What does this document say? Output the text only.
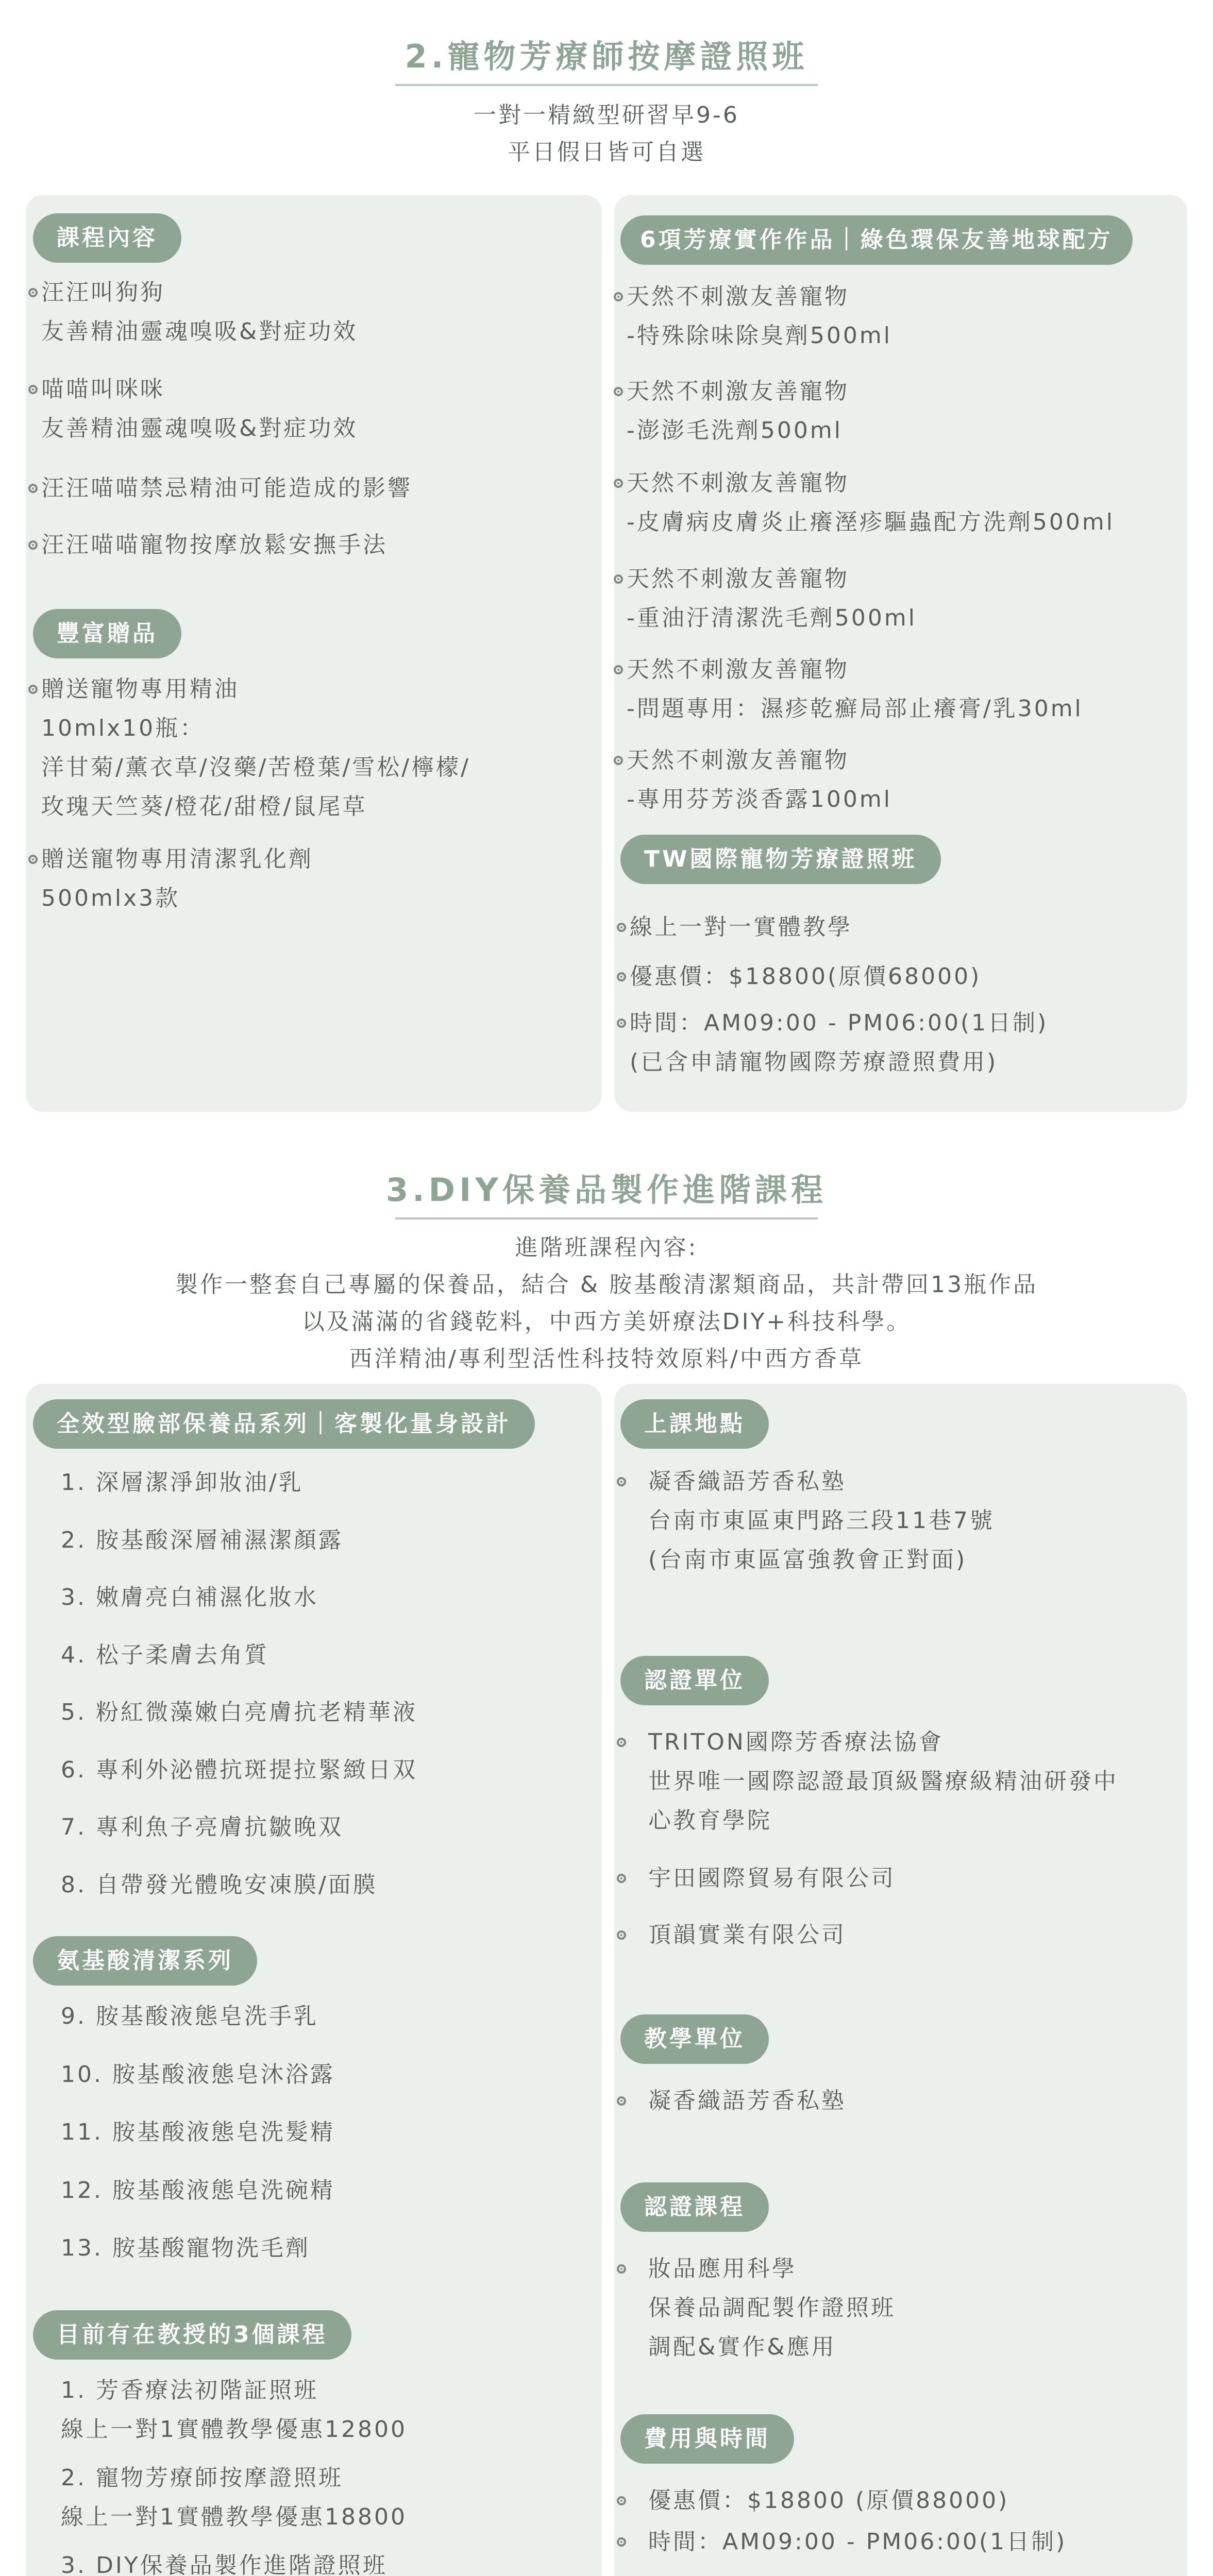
2.寵物芳療師按摩證照班
一對一精緻型研習早9-6
平日假日皆可自選
課程內容
汪汪叫狗狗
友善精油靈魂嗅吸&對症功效
喵喵叫咪咪
友善精油靈魂嗅吸&對症功效
汪汪喵喵禁忌精油可能造成的影響
汪汪喵喵寵物按摩放鬆安撫手法
豐富贈品
贈送寵物專用精油
10mlx10瓶：
洋甘菊/薰衣草/沒藥/苦橙葉/雪松/檸檬/
玫瑰天竺葵/橙花/甜橙/鼠尾草
贈送寵物專用清潔乳化劑
500mlx3款
6項芳療實作作品｜綠色環保友善地球配方
天然不刺激友善寵物
-特殊除味除臭劑500ml
天然不刺激友善寵物
-澎澎毛洗劑500ml
天然不刺激友善寵物
-皮膚病皮膚炎止癢溼疹驅蟲配方洗劑500ml
天然不刺激友善寵物
-重油汙清潔洗毛劑500ml
天然不刺激友善寵物
-問題專用：濕疹乾癬局部止癢膏/乳30ml
天然不刺激友善寵物
-專用芬芳淡香露100ml
TW國際寵物芳療證照班
線上一對一實體教學
優惠價：$18800(原價68000)
時間：AM09:00 - PM06:00(1日制)
(已含申請寵物國際芳療證照費用)
3.DIY保養品製作進階課程
進階班課程內容:
製作一整套自己專屬的保養品，結合 & 胺基酸清潔類商品，共計帶回13瓶作品
以及滿滿的省錢乾料，中西方美妍療法DIY+科技科學。
西洋精油/專利型活性科技特效原料/中西方香草
全效型臉部保養品系列｜客製化量身設計
1. 深層潔淨卸妝油/乳
2. 胺基酸深層補濕潔顏露
3. 嫩膚亮白補濕化妝水
4. 松子柔膚去角質
5. 粉紅微藻嫩白亮膚抗老精華液
6. 專利外泌體抗斑提拉緊緻日双
7. 專利魚子亮膚抗皺晚双
8. 自帶發光體晚安凍膜/面膜
氨基酸清潔系列
9. 胺基酸液態皂洗手乳
10. 胺基酸液態皂沐浴露
11. 胺基酸液態皂洗髮精
12. 胺基酸液態皂洗碗精
13. 胺基酸寵物洗毛劑
目前有在教授的3個課程
1. 芳香療法初階証照班
線上一對1實體教學優惠12800
2. 寵物芳療師按摩證照班
線上一對1實體教學優惠18800
3. DIY保養品製作進階證照班
上課地點
凝香織語芳香私塾
台南市東區東門路三段11巷7號
(台南市東區富強教會正對面)
認證單位
TRITON國際芳香療法協會
世界唯一國際認證最頂級醫療級精油研發中
心教育學院
宇田國際貿易有限公司
頂韻實業有限公司
教學單位
凝香織語芳香私塾
認證課程
妝品應用科學
保養品調配製作證照班
調配&實作&應用
費用與時間
優惠價：$18800 (原價88000)
時間：AM09:00 - PM06:00(1日制)
